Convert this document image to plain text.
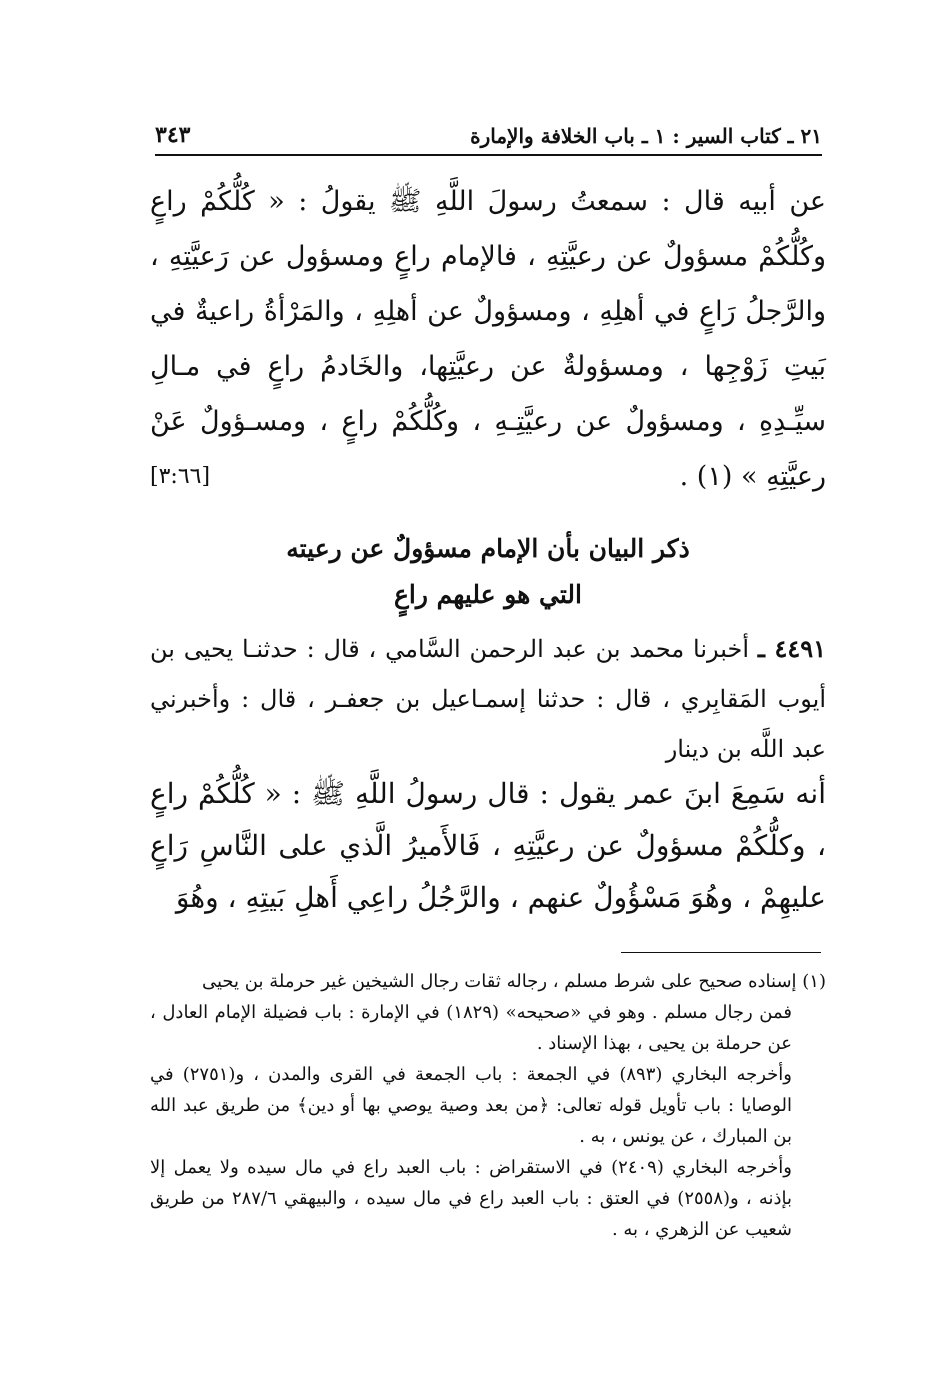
٢١ ـ كتاب السير : ١ ـ باب الخلافة والإمارة
٣٤٣
عن أبيه قال : سمعتُ رسولَ اللَّهِ ﷺ يقولُ : « كُلُّكُمْ راعٍ وكُلُّكُمْ مسؤولٌ عن رعيَّتِهِ ، فالإمام راعٍ ومسؤول عن رَعيَّتِهِ ، والرَّجلُ رَاعٍ في أهلِهِ ، ومسؤولٌ عن أهلِهِ ، والمَرْأةُ راعيةٌ في بَيتِ زَوْجِها ، ومسؤولةٌ عن رعيَّتِها، والخَادمُ راعٍ في مـالِ سيِّـدِهِ ، ومسؤولٌ عن رعيَّتِـهِ ، وكُلُّكُمْ راعٍ ، ومسـؤولٌ عَنْ رعيَّتِهِ » (١) .
[٣:٦٦]
ذكر البيان بأن الإمام مسؤولٌ عن رعيته
التي هو عليهم راعٍ
٤٤٩١ ـ أخبرنا محمد بن عبد الرحمن السَّامي ، قال : حدثنـا يحيى بن أيوب المَقابِري ، قال : حدثنا إسمـاعيل بن جعفـر ، قال : وأخبرني عبد اللَّه بن دينار
أنه سَمِعَ ابنَ عمر يقول : قال رسولُ اللَّهِ ﷺ : « كُلُّكُمْ راعٍ ، وكلُّكُمْ مسؤولٌ عن رعيَّتِهِ ، فَالأَميرُ الَّذي على النَّاسِ رَاعٍ عليهِمْ ، وهُوَ مَسْؤُولٌ عنهم ، والرَّجُلُ راعِي أَهلِ بَيتِهِ ، وهُوَ

(١) إسناده صحيح على شرط مسلم ، رجاله ثقات رجال الشيخين غير حرملة بن يحيى

فمن رجال مسلم . وهو في «صحيحه» (١٨٢٩) في الإمارة : باب فضيلة الإمام العادل ، عن حرملة بن يحيى ، بهذا الإسناد .

وأخرجه البخاري (٨٩٣) في الجمعة : باب الجمعة في القرى والمدن ، و(٢٧٥١) في الوصايا : باب تأويل قوله تعالى: ﴿من بعد وصية يوصي بها أو دين﴾ من طريق عبد الله بن المبارك ، عن يونس ، به .

وأخرجه البخاري (٢٤٠٩) في الاستقراض : باب العبد راع في مال سيده ولا يعمل إلا بإذنه ، و(٢٥٥٨) في العتق : باب العبد راع في مال سيده ، والبيهقي ٢٨٧/٦ من طريق شعيب عن الزهري ، به .
